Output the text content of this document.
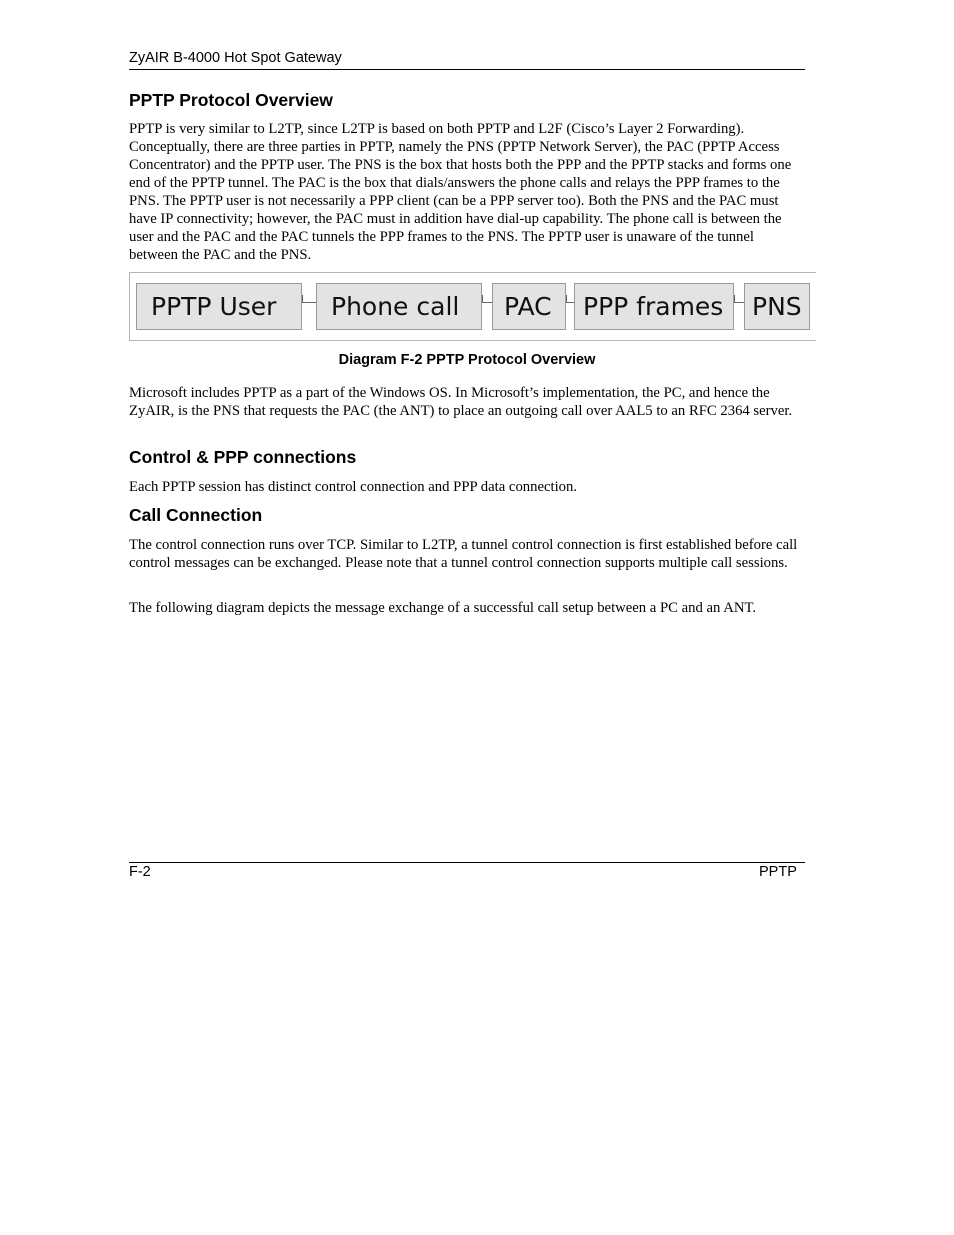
ZyAIR B-4000 Hot Spot Gateway
PPTP Protocol Overview

PPTP is very similar to L2TP, since L2TP is based on both PPTP and L2F (Cisco’s Layer 2 Forwarding). Conceptually, there are three parties in PPTP, namely the PNS (PPTP Network Server), the PAC (PPTP Access Concentrator) and the PPTP user. The PNS is the box that hosts both the PPP and the PPTP stacks and forms one end of the PPTP tunnel. The PAC is the box that dials/answers the phone calls and relays the PPP frames to the PNS. The PPTP user is not necessarily a PPP client (can be a PPP server too). Both the PNS and the PAC must have IP connectivity; however, the PAC must in addition have dial-up capability. The phone call is between the user and the PAC and the PAC tunnels the PPP frames to the PNS. The PPTP user is unaware of the tunnel between the PAC and the PNS.

PPTP User	Phone call	PAC	PPP frames	PNS
Diagram F-2 PPTP Protocol Overview

Microsoft includes PPTP as a part of the Windows OS. In Microsoft’s implementation, the PC, and hence the ZyAIR, is the PNS that requests the PAC (the ANT) to place an outgoing call over AAL5 to an RFC 2364 server.

Control & PPP connections

Each PPTP session has distinct control connection and PPP data connection.

Call Connection

The control connection runs over TCP. Similar to L2TP, a tunnel control connection is first established before call control messages can be exchanged. Please note that a tunnel control connection supports multiple call sessions.

The following diagram depicts the message exchange of a successful call setup between a PC and an ANT.

F-2	PPTP
